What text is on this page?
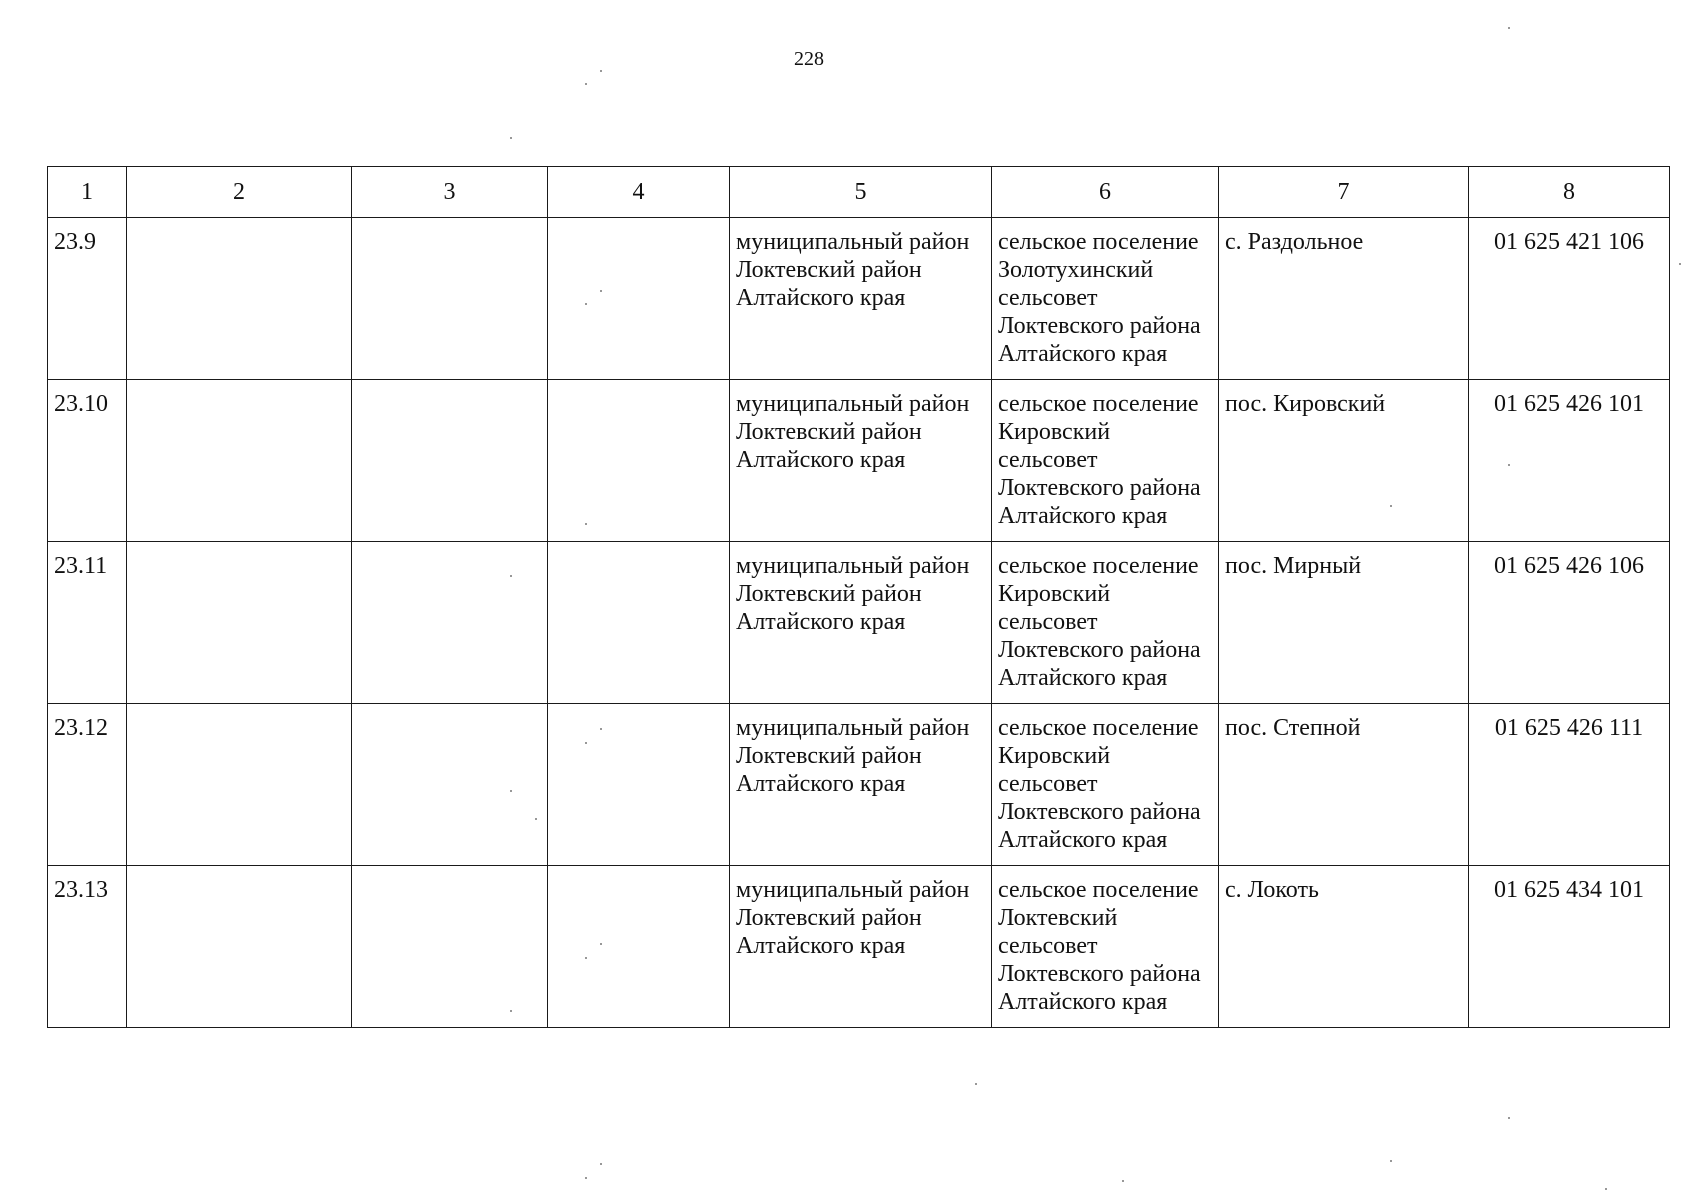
228
1	2	3	4	5	6	7	8
23.9				муниципальный район
Локтевский район
Алтайского края	сельское поселение
Золотухинский
сельсовет
Локтевского района
Алтайского края	с. Раздольное	01 625 421 106
23.10				муниципальный район
Локтевский район
Алтайского края	сельское поселение
Кировский
сельсовет
Локтевского района
Алтайского края	пос. Кировский	01 625 426 101
23.11				муниципальный район
Локтевский район
Алтайского края	сельское поселение
Кировский
сельсовет
Локтевского района
Алтайского края	пос. Мирный	01 625 426 106
23.12				муниципальный район
Локтевский район
Алтайского края	сельское поселение
Кировский
сельсовет
Локтевского района
Алтайского края	пос. Степной	01 625 426 111
23.13				муниципальный район
Локтевский район
Алтайского края	сельское поселение
Локтевский
сельсовет
Локтевского района
Алтайского края	с. Локоть	01 625 434 101
